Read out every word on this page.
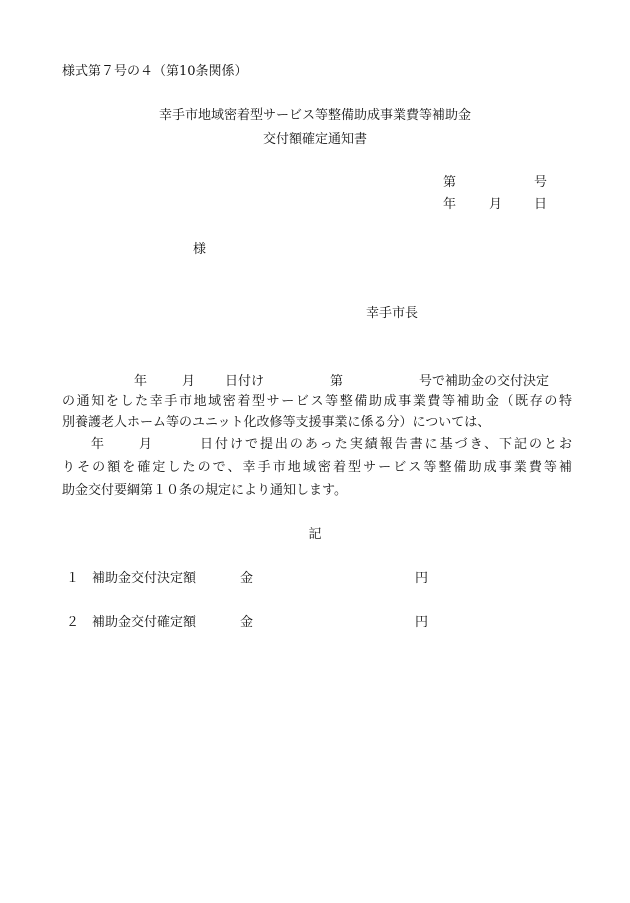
様式第７号の４（第10条関係）
幸手市地域密着型サービス等整備助成事業費等補助金
交付額確定通知書
第	号
年	月 日
様
幸手市長
年	月 日付け	第	号で補助金の交付決定
の通知をした幸手市地域密着型サービス等整備助成事業費等補助金（既存の特
別養護老人ホーム等のユニット化改修等支援事業に係る分）については、
年	月	日付けで提出のあった実績報告書に基づき、下記のとお
りその額を確定したので、幸手市地域密着型サービス等整備助成事業費等補
助金交付要綱第１０条の規定により通知します。
記
１ 補助金交付決定額	金	円
２ 補助金交付確定額	金	円
